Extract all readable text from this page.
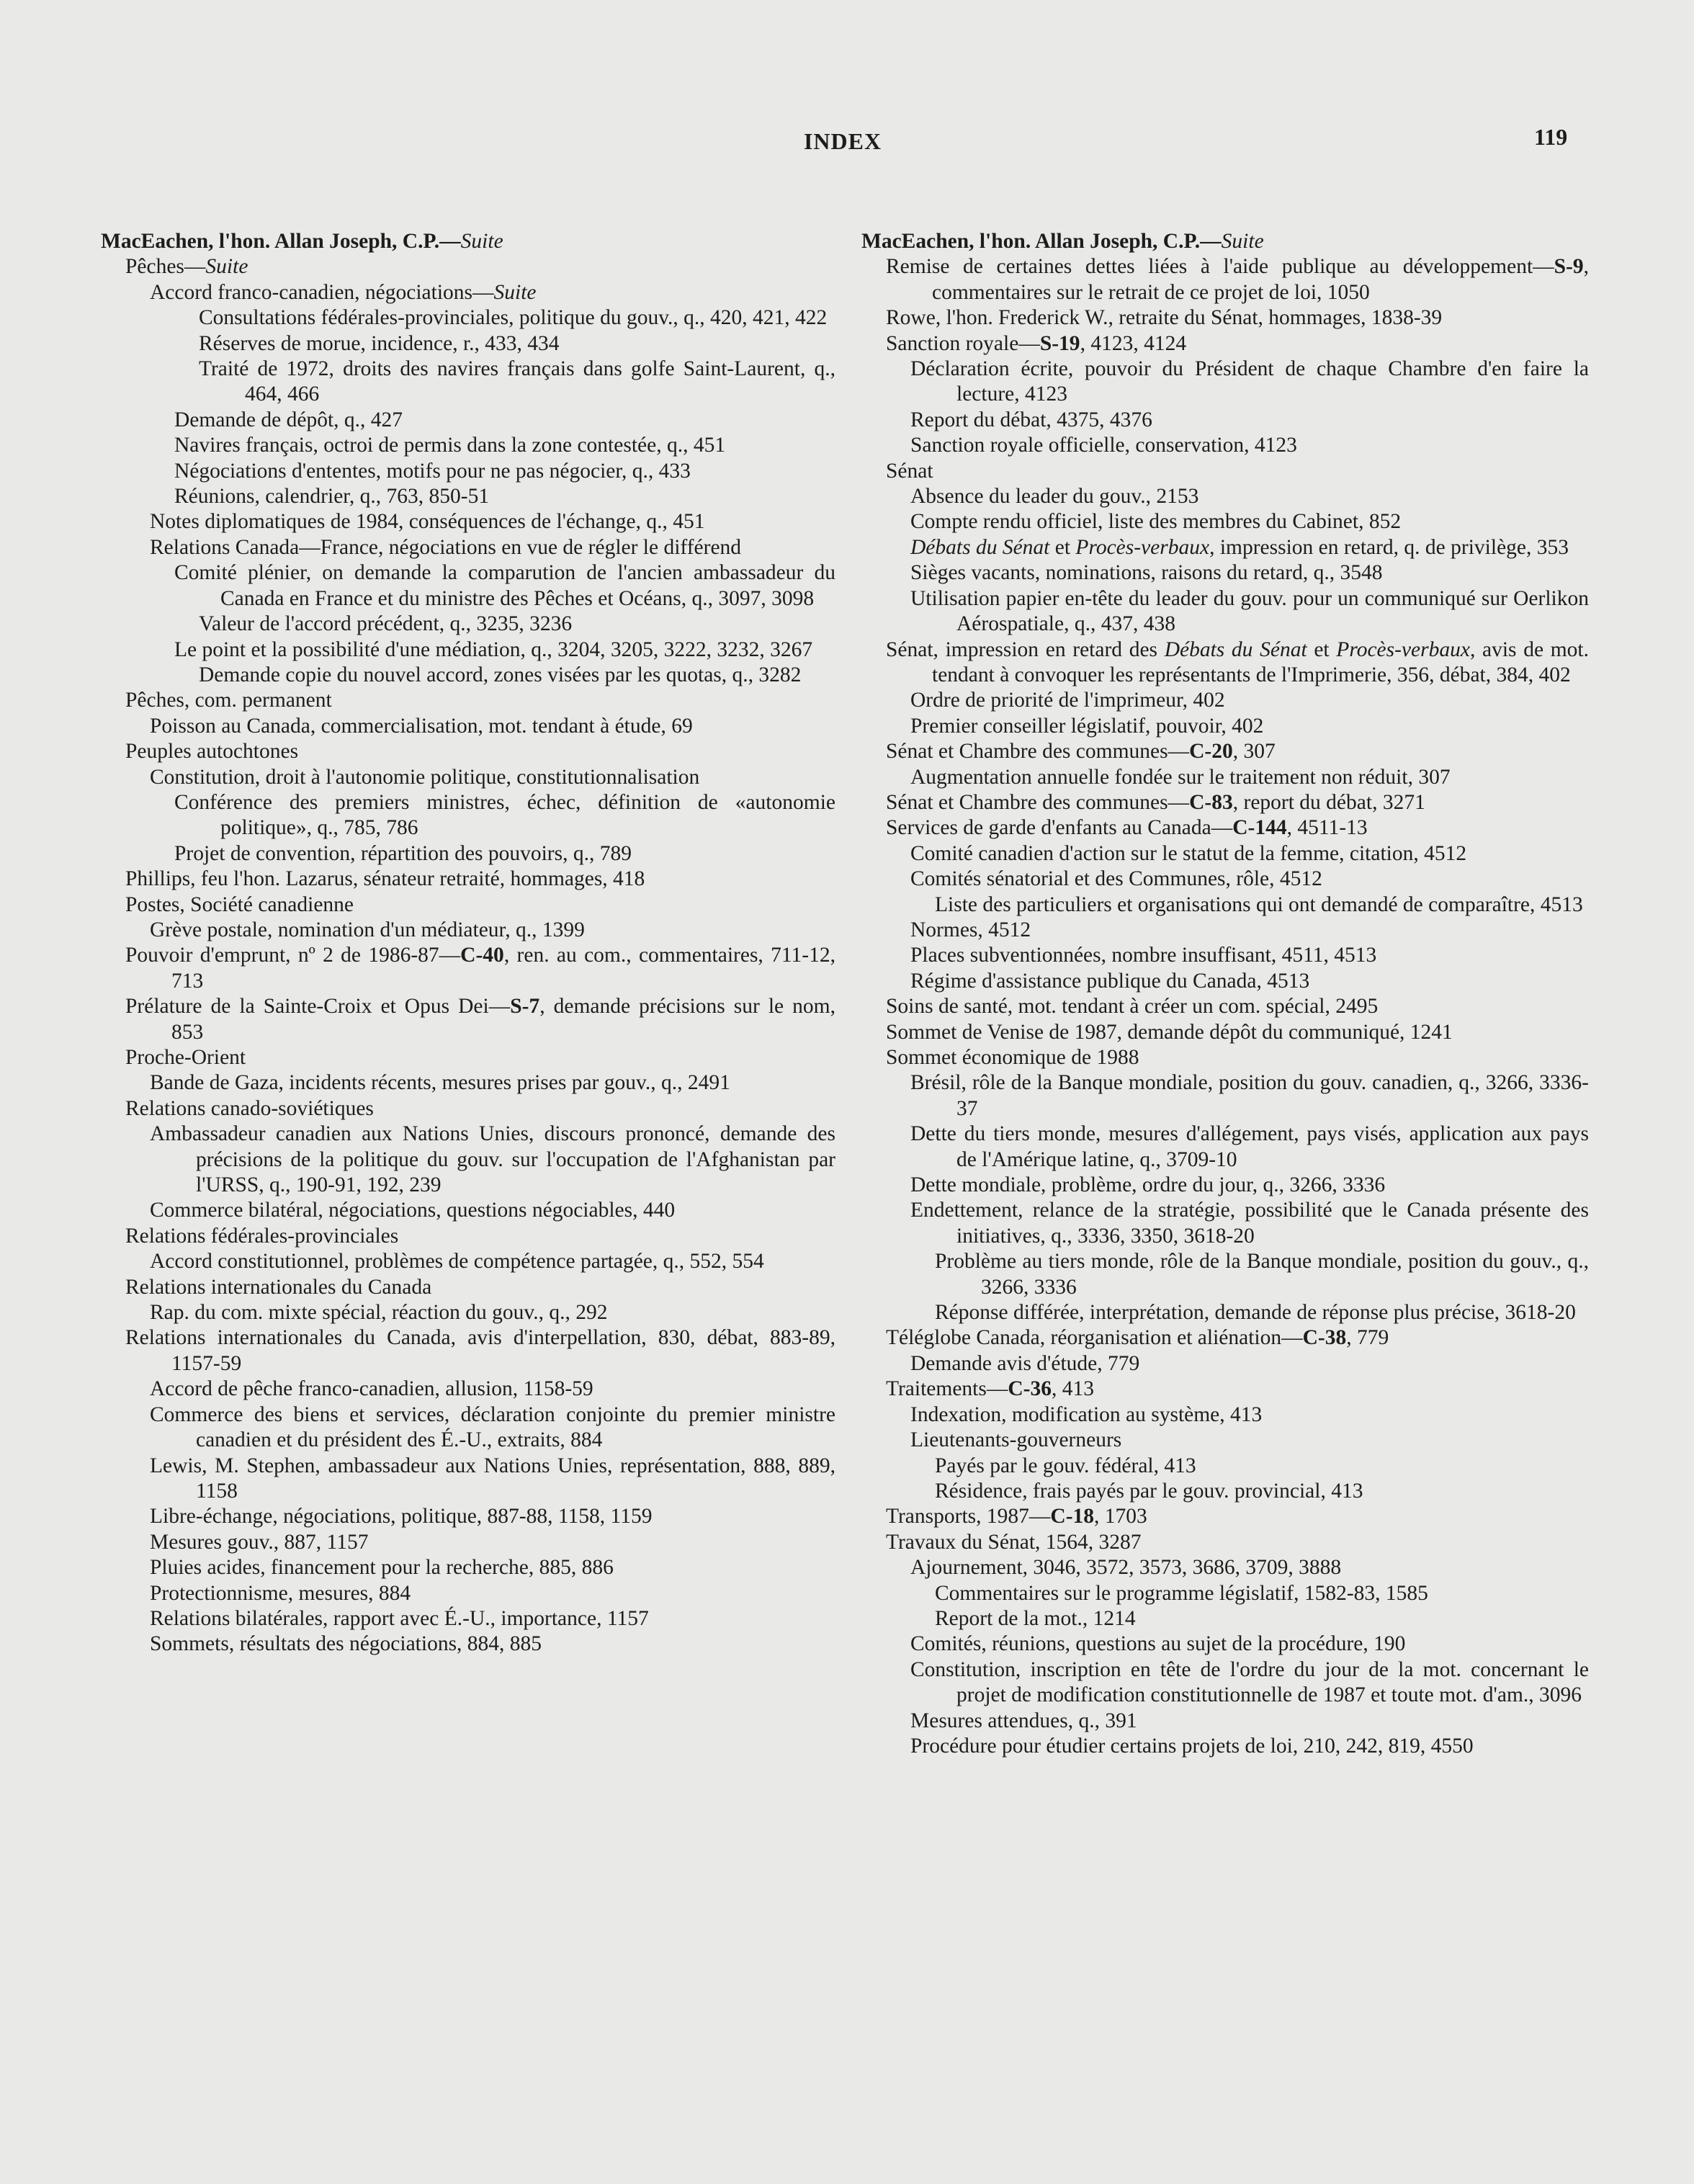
INDEX	119

MacEachen, l'hon. Allan Joseph, C.P.—Suite

Pêches—Suite

Accord franco-canadien, négociations—Suite

Consultations fédérales-provinciales, politique du gouv., q., 420, 421, 422

Réserves de morue, incidence, r., 433, 434

Traité de 1972, droits des navires français dans golfe Saint-Laurent, q., 464, 466

Demande de dépôt, q., 427

Navires français, octroi de permis dans la zone contestée, q., 451

Négociations d'ententes, motifs pour ne pas négocier, q., 433

Réunions, calendrier, q., 763, 850-51

Notes diplomatiques de 1984, conséquences de l'échange, q., 451

Relations Canada—France, négociations en vue de régler le différend

Comité plénier, on demande la comparution de l'ancien ambassadeur du Canada en France et du ministre des Pêches et Océans, q., 3097, 3098

Valeur de l'accord précédent, q., 3235, 3236

Le point et la possibilité d'une médiation, q., 3204, 3205, 3222, 3232, 3267

Demande copie du nouvel accord, zones visées par les quotas, q., 3282

Pêches, com. permanent

Poisson au Canada, commercialisation, mot. tendant à étude, 69

Peuples autochtones

Constitution, droit à l'autonomie politique, constitutionnalisation

Conférence des premiers ministres, échec, définition de «autonomie politique», q., 785, 786

Projet de convention, répartition des pouvoirs, q., 789

Phillips, feu l'hon. Lazarus, sénateur retraité, hommages, 418

Postes, Société canadienne

Grève postale, nomination d'un médiateur, q., 1399

Pouvoir d'emprunt, nº 2 de 1986-87—C-40, ren. au com., commentaires, 711-12, 713

Prélature de la Sainte-Croix et Opus Dei—S-7, demande précisions sur le nom, 853

Proche-Orient

Bande de Gaza, incidents récents, mesures prises par gouv., q., 2491

Relations canado-soviétiques

Ambassadeur canadien aux Nations Unies, discours prononcé, demande des précisions de la politique du gouv. sur l'occupation de l'Afghanistan par l'URSS, q., 190-91, 192, 239

Commerce bilatéral, négociations, questions négociables, 440

Relations fédérales-provinciales

Accord constitutionnel, problèmes de compétence partagée, q., 552, 554

Relations internationales du Canada

Rap. du com. mixte spécial, réaction du gouv., q., 292

Relations internationales du Canada, avis d'interpellation, 830, débat, 883-89, 1157-59

Accord de pêche franco-canadien, allusion, 1158-59

Commerce des biens et services, déclaration conjointe du premier ministre canadien et du président des É.-U., extraits, 884

Lewis, M. Stephen, ambassadeur aux Nations Unies, représentation, 888, 889, 1158

Libre-échange, négociations, politique, 887-88, 1158, 1159

Mesures gouv., 887, 1157

Pluies acides, financement pour la recherche, 885, 886

Protectionnisme, mesures, 884

Relations bilatérales, rapport avec É.-U., importance, 1157

Sommets, résultats des négociations, 884, 885

MacEachen, l'hon. Allan Joseph, C.P.—Suite

Remise de certaines dettes liées à l'aide publique au développement—S-9, commentaires sur le retrait de ce projet de loi, 1050

Rowe, l'hon. Frederick W., retraite du Sénat, hommages, 1838-39

Sanction royale—S-19, 4123, 4124

Déclaration écrite, pouvoir du Président de chaque Chambre d'en faire la lecture, 4123

Report du débat, 4375, 4376

Sanction royale officielle, conservation, 4123

Sénat

Absence du leader du gouv., 2153

Compte rendu officiel, liste des membres du Cabinet, 852

Débats du Sénat et Procès-verbaux, impression en retard, q. de privilège, 353

Sièges vacants, nominations, raisons du retard, q., 3548

Utilisation papier en-tête du leader du gouv. pour un communiqué sur Oerlikon Aérospatiale, q., 437, 438

Sénat, impression en retard des Débats du Sénat et Procès-verbaux, avis de mot. tendant à convoquer les représentants de l'Imprimerie, 356, débat, 384, 402

Ordre de priorité de l'imprimeur, 402

Premier conseiller législatif, pouvoir, 402

Sénat et Chambre des communes—C-20, 307

Augmentation annuelle fondée sur le traitement non réduit, 307

Sénat et Chambre des communes—C-83, report du débat, 3271

Services de garde d'enfants au Canada—C-144, 4511-13

Comité canadien d'action sur le statut de la femme, citation, 4512

Comités sénatorial et des Communes, rôle, 4512

Liste des particuliers et organisations qui ont demandé de comparaître, 4513

Normes, 4512

Places subventionnées, nombre insuffisant, 4511, 4513

Régime d'assistance publique du Canada, 4513

Soins de santé, mot. tendant à créer un com. spécial, 2495

Sommet de Venise de 1987, demande dépôt du communiqué, 1241

Sommet économique de 1988

Brésil, rôle de la Banque mondiale, position du gouv. canadien, q., 3266, 3336-37

Dette du tiers monde, mesures d'allégement, pays visés, application aux pays de l'Amérique latine, q., 3709-10

Dette mondiale, problème, ordre du jour, q., 3266, 3336

Endettement, relance de la stratégie, possibilité que le Canada présente des initiatives, q., 3336, 3350, 3618-20

Problème au tiers monde, rôle de la Banque mondiale, position du gouv., q., 3266, 3336

Réponse différée, interprétation, demande de réponse plus précise, 3618-20

Téléglobe Canada, réorganisation et aliénation—C-38, 779

Demande avis d'étude, 779

Traitements—C-36, 413

Indexation, modification au système, 413

Lieutenants-gouverneurs

Payés par le gouv. fédéral, 413

Résidence, frais payés par le gouv. provincial, 413

Transports, 1987—C-18, 1703

Travaux du Sénat, 1564, 3287

Ajournement, 3046, 3572, 3573, 3686, 3709, 3888

Commentaires sur le programme législatif, 1582-83, 1585

Report de la mot., 1214

Comités, réunions, questions au sujet de la procédure, 190

Constitution, inscription en tête de l'ordre du jour de la mot. concernant le projet de modification constitutionnelle de 1987 et toute mot. d'am., 3096

Mesures attendues, q., 391

Procédure pour étudier certains projets de loi, 210, 242, 819, 4550
